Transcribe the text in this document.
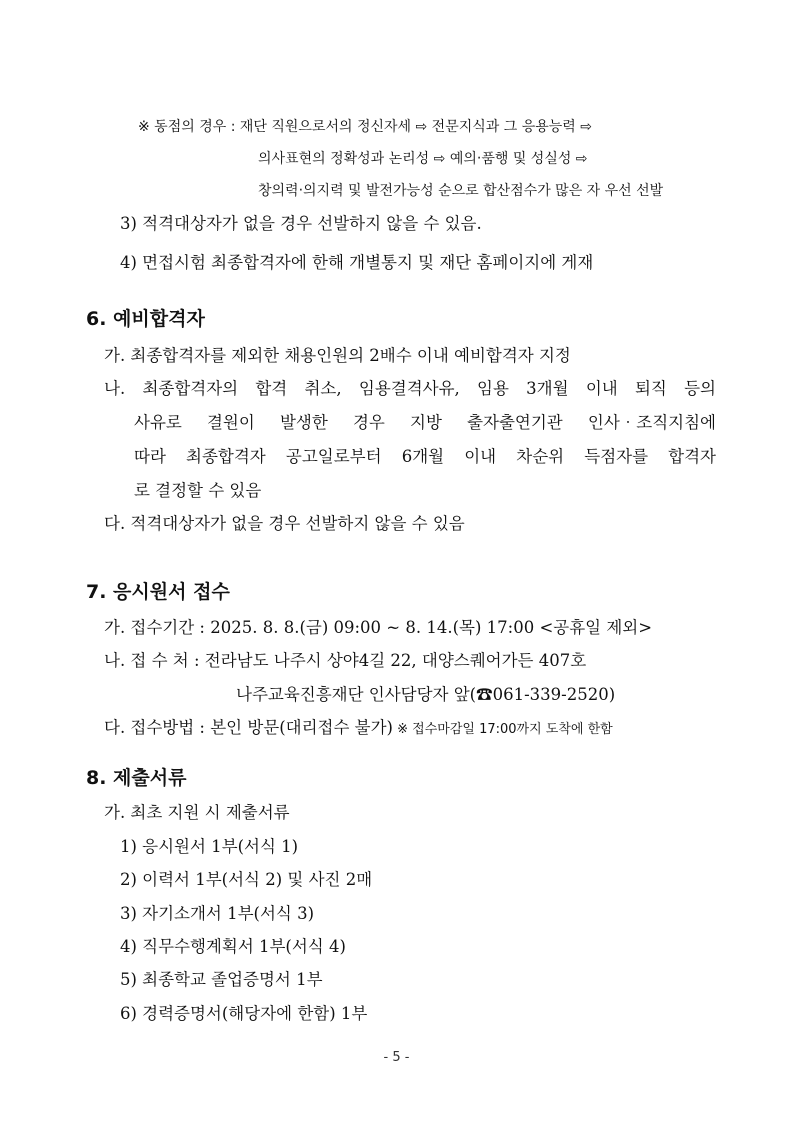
※ 동점의 경우 : 재단 직원으로서의 정신자세 ⇨ 전문지식과 그 응용능력 ⇨
의사표현의 정확성과 논리성 ⇨ 예의‧품행 및 성실성 ⇨
창의력‧의지력 및 발전가능성 순으로 합산점수가 많은 자 우선 선발
3) 적격대상자가 없을 경우 선발하지 않을 수 있음.
4) 면접시험 최종합격자에 한해 개별통지 및 재단 홈페이지에 게재
6. 예비합격자
가. 최종합격자를 제외한 채용인원의 2배수 이내 예비합격자 지정
나. 최종합격자의 합격 취소, 임용결격사유, 임용 3개월 이내 퇴직 등의
사유로 결원이 발생한 경우 지방 출자출연기관 인사‧조직지침에
따라 최종합격자 공고일로부터 6개월 이내 차순위 득점자를 합격자
로 결정할 수 있음
다. 적격대상자가 없을 경우 선발하지 않을 수 있음
7. 응시원서 접수
가. 접수기간 : 2025. 8. 8.(금) 09:00 ~ 8. 14.(목) 17:00 <공휴일 제외>
나. 접 수 처 : 전라남도 나주시 상야4길 22, 대양스퀘어가든 407호
나주교육진흥재단 인사담당자 앞(☎061-339-2520)
다. 접수방법 : 본인 방문(대리접수 불가) ※ 접수마감일 17:00까지 도착에 한함
8. 제출서류
가. 최초 지원 시 제출서류
1) 응시원서 1부(서식 1)
2) 이력서 1부(서식 2) 및 사진 2매
3) 자기소개서 1부(서식 3)
4) 직무수행계획서 1부(서식 4)
5) 최종학교 졸업증명서 1부
6) 경력증명서(해당자에 한함) 1부
- 5 -
